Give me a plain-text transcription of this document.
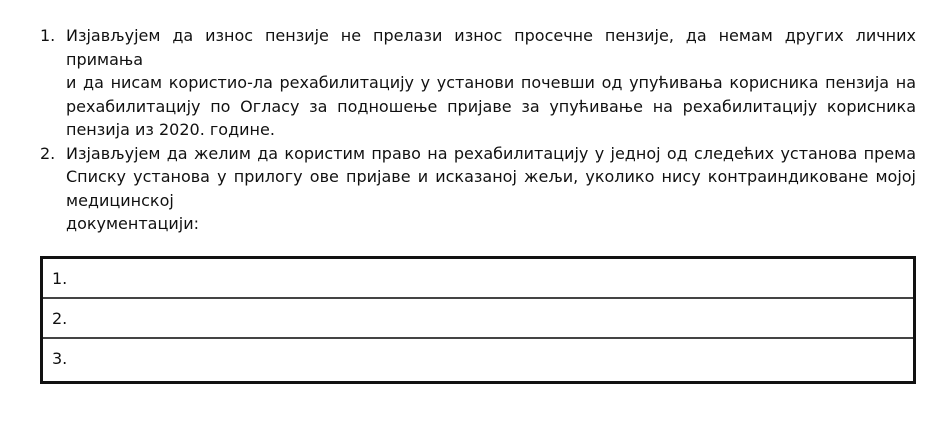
1. Изјављујем да износ пензије не прелази износ просечне пензије, да немам других личних примања
и да нисам користио-ла рехабилитацију у установи почевши од упућивања корисника пензија на
рехабилитацију по Огласу за подношење пријаве за упућивање на рехабилитацију корисника
пензија из 2020. године.
2. Изјављујем да желим да користим право на рехабилитацију у једној од следећих установа према
Списку установа у прилогу ове пријаве и исказаној жељи, уколико нису контраиндиковане мојој
медицинској
документацији:
1.
2.
3.
